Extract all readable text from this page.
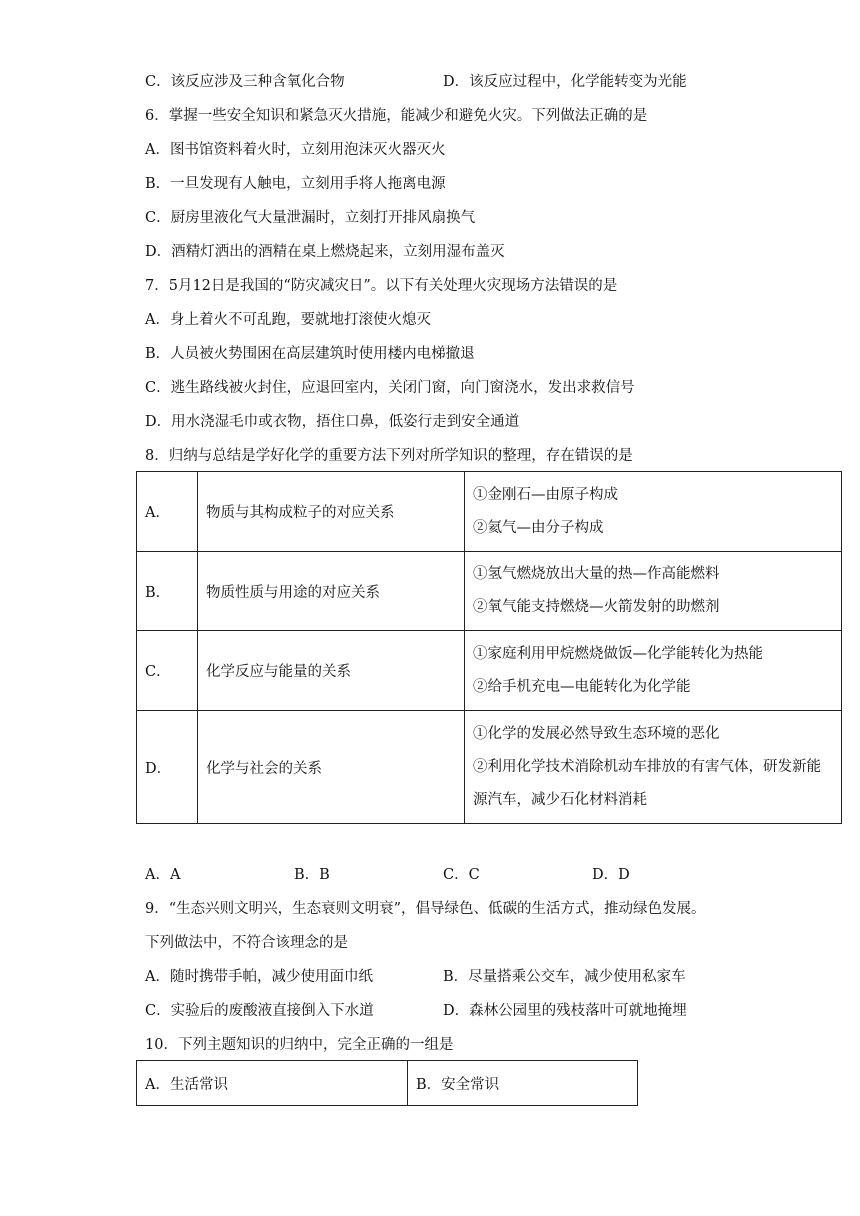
C．该反应涉及三种含氧化合物	D．该反应过程中，化学能转变为光能
6．掌握一些安全知识和紧急灭火措施，能减少和避免火灾。下列做法正确的是
A．图书馆资料着火时，立刻用泡沫灭火器灭火
B．一旦发现有人触电，立刻用手将人拖离电源
C．厨房里液化气大量泄漏时，立刻打开排风扇换气
D．酒精灯洒出的酒精在桌上燃烧起来，立刻用湿布盖灭
7．5月12日是我国的“防灾减灾日”。以下有关处理火灾现场方法错误的是
A．身上着火不可乱跑，要就地打滚使火熄灭
B．人员被火势围困在高层建筑时使用楼内电梯撤退
C．逃生路线被火封住，应退回室内，关闭门窗，向门窗浇水，发出求救信号
D．用水浇湿毛巾或衣物，捂住口鼻，低姿行走到安全通道
8．归纳与总结是学好化学的重要方法下列对所学知识的整理，存在错误的是
A．	物质与其构成粒子的对应关系	①金刚石—由原子构成
②氦气—由分子构成

B．	物质性质与用途的对应关系	①氢气燃烧放出大量的热—作高能燃料
②氧气能支持燃烧—火箭发射的助燃剂

C．	化学反应与能量的关系	①家庭利用甲烷燃烧做饭—化学能转化为热能
②给手机充电—电能转化为化学能

D．	化学与社会的关系	①化学的发展必然导致生态环境的恶化
②利用化学技术消除机动车排放的有害气体，研发新能
源汽车，减少石化材料消耗
A．A	B．B	C．C	D．D
9．“生态兴则文明兴，生态衰则文明衰”，倡导绿色、低碳的生活方式，推动绿色发展。
下列做法中，不符合该理念的是
A．随时携带手帕，减少使用面巾纸	B．尽量搭乘公交车，减少使用私家车
C．实验后的废酸液直接倒入下水道	D．森林公园里的残枝落叶可就地掩埋
10．下列主题知识的归纳中，完全正确的一组是
A．生活常识	B．安全常识
